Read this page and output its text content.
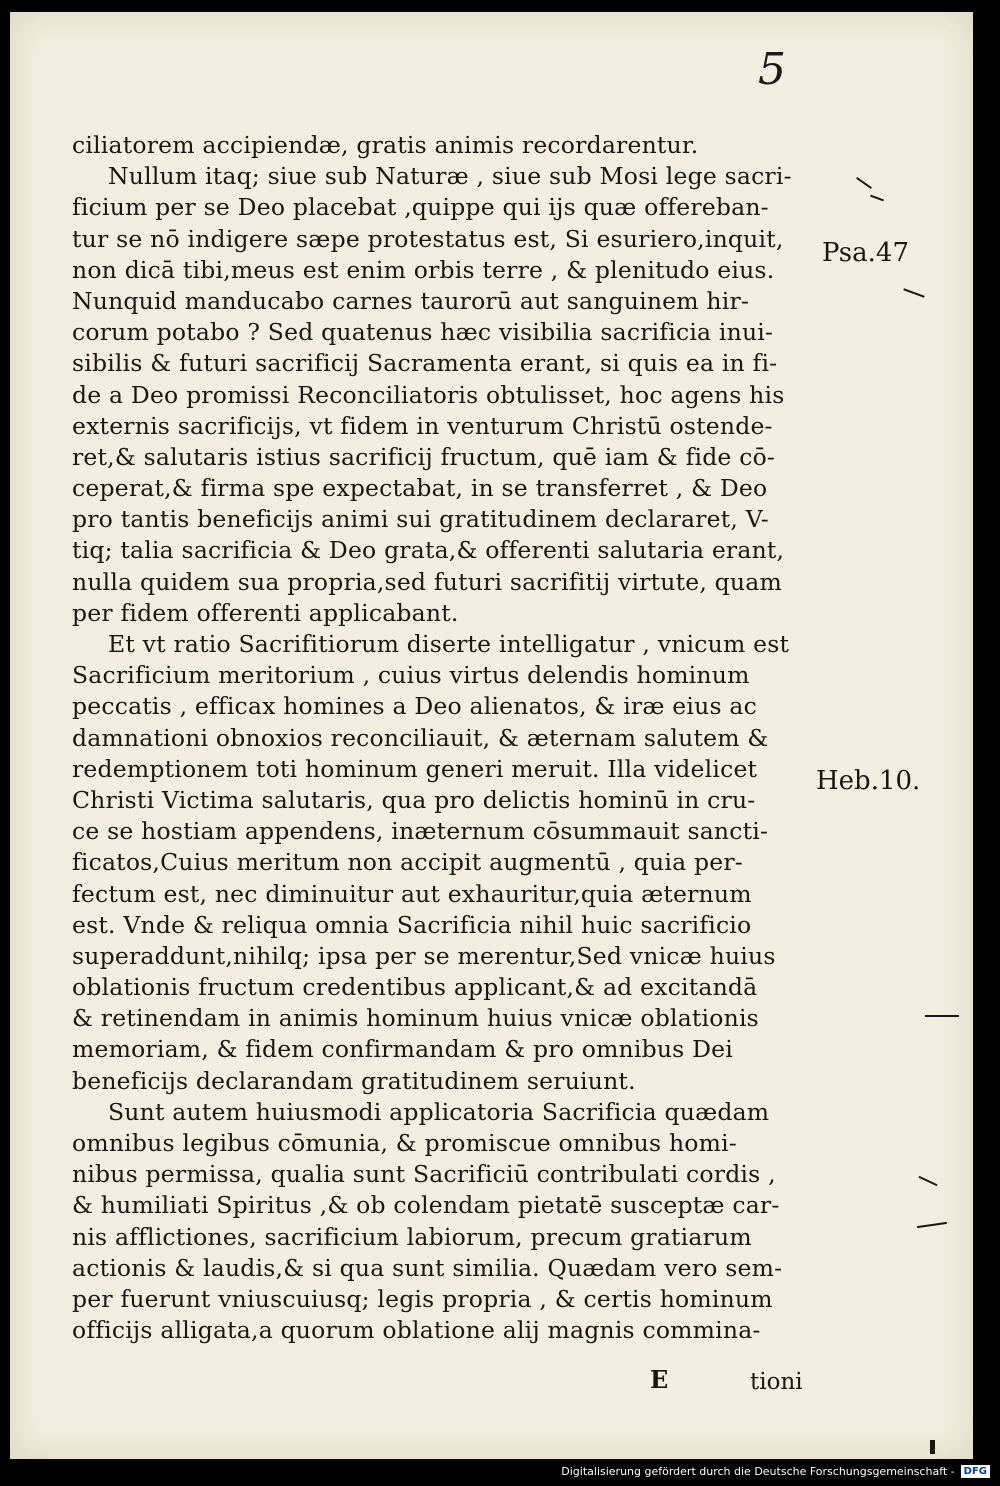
5
ciliatorem accipiendæ, gratis animis recordarentur.
Nullum itaq; siue sub Naturæ , siue sub Mosi lege sacri-
ficium per se Deo placebat ,quippe qui ijs quæ offereban-
tur se nō indigere sæpe protestatus est, Si esuriero,inquit,
non dicā tibi,meus est enim orbis terre , & plenitudo eius.
Nunquid manducabo carnes taurorū aut sanguinem hir-
corum potabo ? Sed quatenus hæc visibilia sacrificia inui-
sibilis & futuri sacrificij Sacramenta erant, si quis ea in fi-
de a Deo promissi Reconciliatoris obtulisset, hoc agens his
externis sacrificijs, vt fidem in venturum Christū ostende-
ret,& salutaris istius sacrificij fructum, quē iam & fide cō-
ceperat,& firma spe expectabat, in se transferret , & Deo
pro tantis beneficijs animi sui gratitudinem declararet, V-
tiq; talia sacrificia & Deo grata,& offerenti salutaria erant,
nulla quidem sua propria,sed futuri sacrifitij virtute, quam
per fidem offerenti applicabant.
Et vt ratio Sacrifitiorum diserte intelligatur , vnicum est
Sacrificium meritorium , cuius virtus delendis hominum
peccatis , efficax homines a Deo alienatos, & iræ eius ac
damnationi obnoxios reconciliauit, & æternam salutem &
redemptionem toti hominum generi meruit. Illa videlicet
Christi Victima salutaris, qua pro delictis hominū in cru-
ce se hostiam appendens, inæternum cōsummauit sancti-
ficatos,Cuius meritum non accipit augmentū , quia per-
fectum est, nec diminuitur aut exhauritur,quia æternum
est. Vnde & reliqua omnia Sacrificia nihil huic sacrificio
superaddunt,nihilq; ipsa per se merentur,Sed vnicæ huius
oblationis fructum credentibus applicant,& ad excitandā
& retinendam in animis hominum huius vnicæ oblationis
memoriam, & fidem confirmandam & pro omnibus Dei
beneficijs declarandam gratitudinem seruiunt.
Sunt autem huiusmodi applicatoria Sacrificia quædam
omnibus legibus cōmunia, & promiscue omnibus homi-
nibus permissa, qualia sunt Sacrificiū contribulati cordis ,
& humiliati Spiritus ,& ob colendam pietatē susceptæ car-
nis afflictiones, sacrificium labiorum, precum gratiarum
actionis & laudis,& si qua sunt similia. Quædam vero sem-
per fuerunt vniuscuiusq; legis propria , & certis hominum
officijs alligata,a quorum oblatione alij magnis commina-
Psa.47
Heb.10.
E	tioni
Digitalisierung gefördert durch die Deutsche Forschungsgemeinschaft - DFG
